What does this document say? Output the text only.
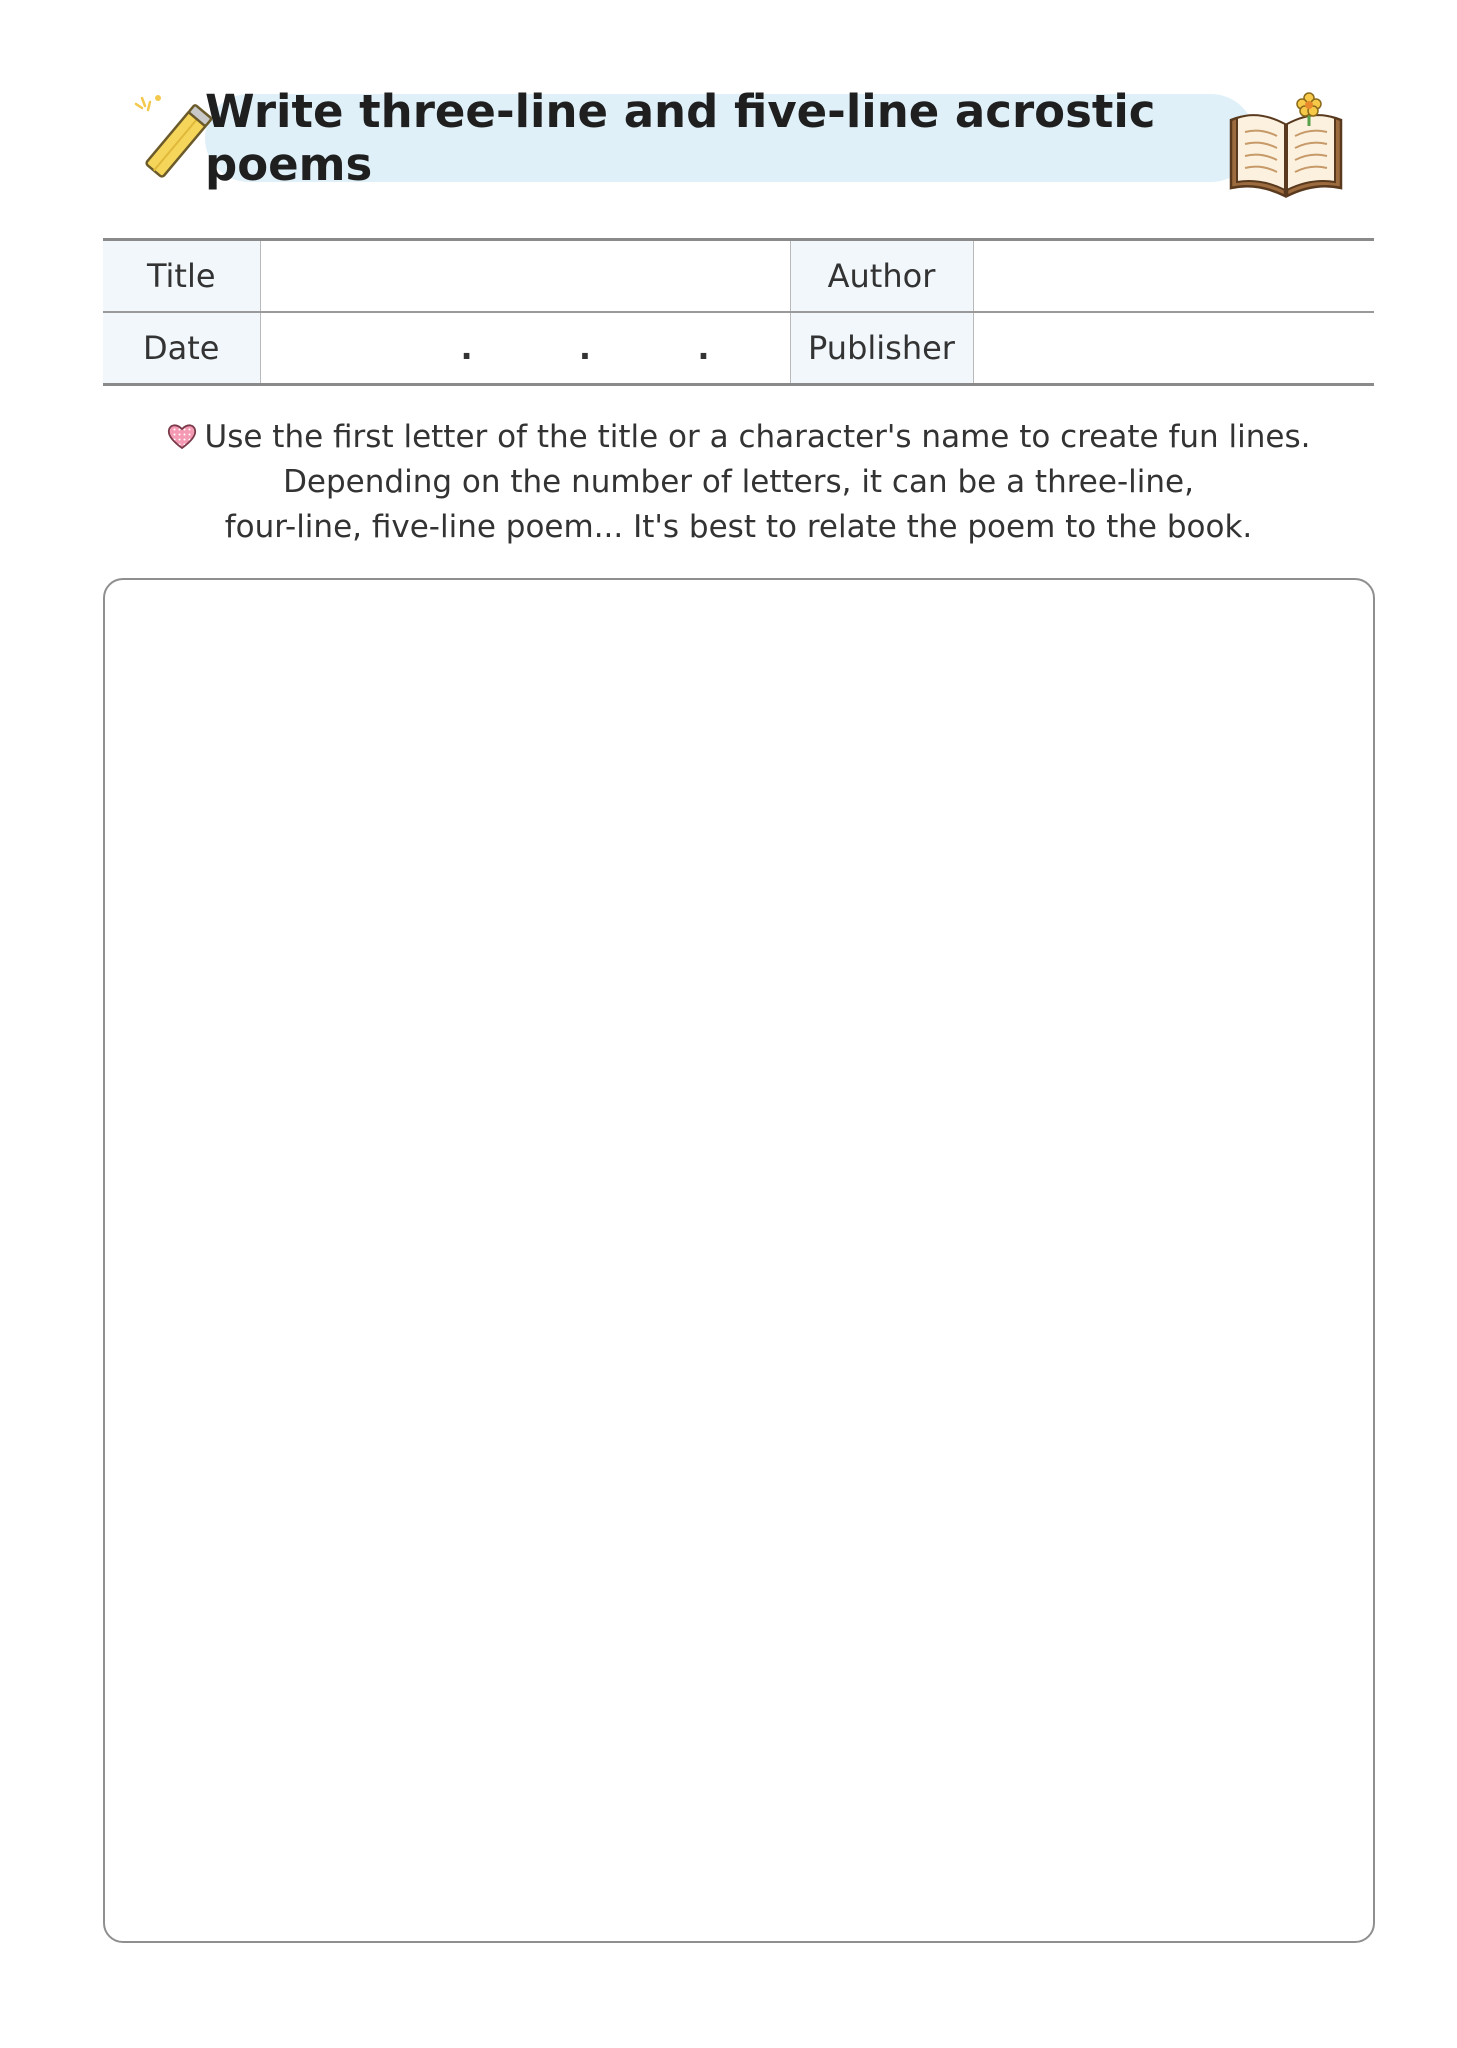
Write three-line and five-line acrostic poems
Title		Author	
Date	. . .	Publisher	
Use the first letter of the title or a character's name to create fun lines.
Depending on the number of letters, it can be a three-line,
four-line, five-line poem... It's best to relate the poem to the book.
